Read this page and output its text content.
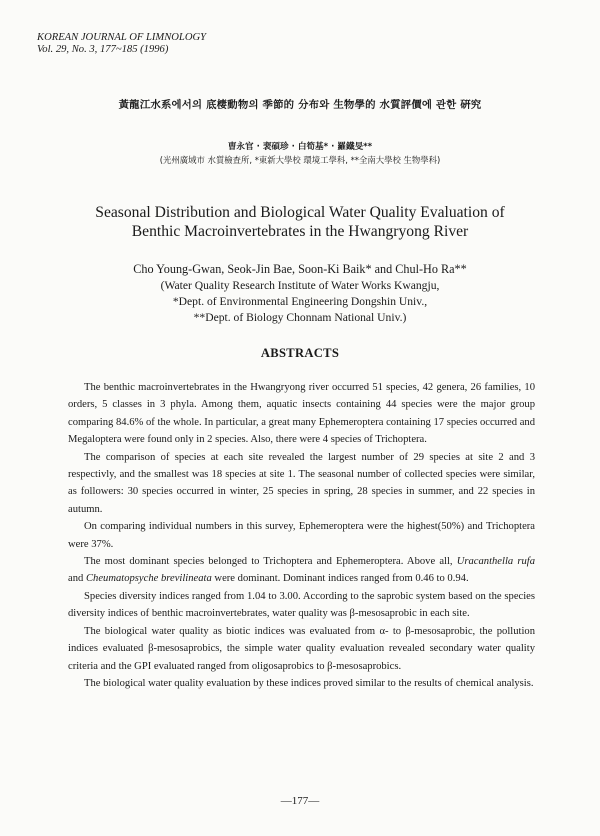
KOREAN JOURNAL OF LIMNOLOGY
Vol. 29, No. 3, 177~185 (1996)
黃龍江水系에서의 底棲動物의 季節的 分布와 生物學的 水質評價에 관한 硏究
曺永官 · 裵碩珍 · 白筍基* · 羅鐵旻**
(光州廣域市 水質檢査所, *東新大學校 環境工學科, **全南大學校 生物學科)
Seasonal Distribution and Biological Water Quality Evaluation of
Benthic Macroinvertebrates in the Hwangryong River
Cho Young-Gwan, Seok-Jin Bae, Soon-Ki Baik* and Chul-Ho Ra**
(Water Quality Research Institute of Water Works Kwangju,
*Dept. of Environmental Engineering Dongshin Univ.,
**Dept. of Biology Chonnam National Univ.)
ABSTRACTS

The benthic macroinvertebrates in the Hwangryong river occurred 51 species, 42 genera, 26 families, 10 orders, 5 classes in 3 phyla. Among them, aquatic insects containing 44 species were the major group comparing 84.6% of the whole. In particular, a great many Ephemeroptera containing 17 species occurred and Megaloptera were found only in 2 species. Also, there were 4 species of Trichoptera.

The comparison of species at each site revealed the largest number of 29 species at site 2 and 3 respectivly, and the smallest was 18 species at site 1. The seasonal number of collected species were similar, as followers: 30 species occurred in winter, 25 species in spring, 28 species in summer, and 22 species in autumn.

On comparing individual numbers in this survey, Ephemeroptera were the highest(50%) and Trichoptera were 37%.

The most dominant species belonged to Trichoptera and Ephemeroptera. Above all, Uracanthella rufa and Cheumatopsyche brevilineata were dominant. Dominant indices ranged from 0.46 to 0.94.

Species diversity indices ranged from 1.04 to 3.00. According to the saprobic system based on the species diversity indices of benthic macroinvertebrates, water quality was β-mesosaprobic in each site.

The biological water quality as biotic indices was evaluated from α- to β-mesosaprobic, the pollution indices evaluated β-mesosaprobics, the simple water quality evaluation revealed secondary water quality criteria and the GPI evaluated ranged from oligosaprobics to β-mesosaprobics.

The biological water quality evaluation by these indices proved similar to the results of chemical analysis.

—177—
